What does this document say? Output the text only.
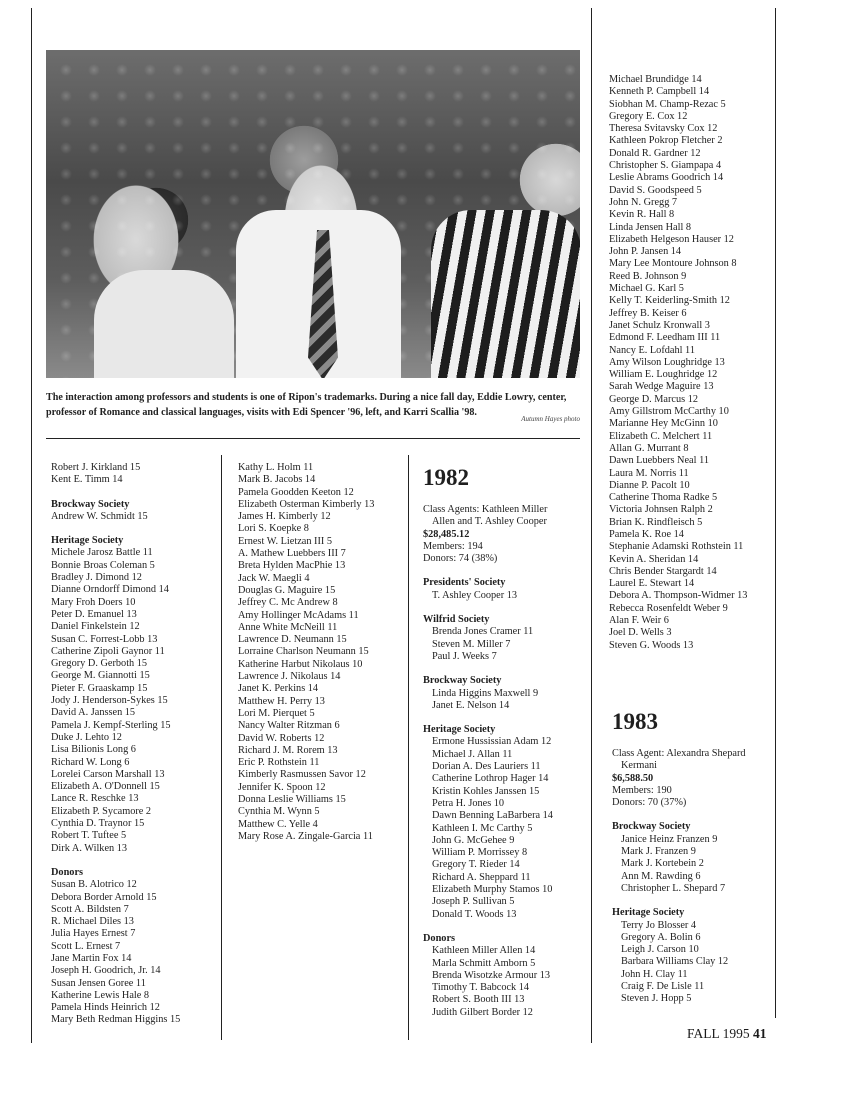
The interaction among professors and students is one of Ripon's trademarks. During a nice fall day, Eddie Lowry, center, professor of Romance and classical languages, visits with Edi Spencer '96, left, and Karri Scallia '98.
Autumn Hayes photo
Robert J. Kirkland 15
Kent E. Timm 14
Brockway Society
Andrew W. Schmidt 15
Heritage Society
Michele Jarosz Battle 11
Bonnie Broas Coleman 5
Bradley J. Dimond 12
Dianne Orndorff Dimond 14
Mary Froh Doers 10
Peter D. Emanuel 13
Daniel Finkelstein 12
Susan C. Forrest-Lobb 13
Catherine Zipoli Gaynor 11
Gregory D. Gerboth 15
George M. Giannotti 15
Pieter F. Graaskamp 15
Jody J. Henderson-Sykes 15
David A. Janssen 15
Pamela J. Kempf-Sterling 15
Duke J. Lehto 12
Lisa Bilionis Long 6
Richard W. Long 6
Lorelei Carson Marshall 13
Elizabeth A. O'Donnell 15
Lance R. Reschke 13
Elizabeth P. Sycamore 2
Cynthia D. Traynor 15
Robert T. Tuftee 5
Dirk A. Wilken 13
Donors
Susan B. Alotrico 12
Debora Border Arnold 15
Scott A. Bildsten 7
R. Michael Diles 13
Julia Hayes Ernest 7
Scott L. Ernest 7
Jane Martin Fox 14
Joseph H. Goodrich, Jr. 14
Susan Jensen Goree 11
Katherine Lewis Hale 8
Pamela Hinds Heinrich 12
Mary Beth Redman Higgins 15
Kathy L. Holm 11
Mark B. Jacobs 14
Pamela Goodden Keeton 12
Elizabeth Osterman Kimberly 13
James H. Kimberly 12
Lori S. Koepke 8
Ernest W. Lietzan III 5
A. Mathew Luebbers III 7
Breta Hylden MacPhie 13
Jack W. Maegli 4
Douglas G. Maguire 15
Jeffrey C. Mc Andrew 8
Amy Hollinger McAdams 11
Anne White McNeill 11
Lawrence D. Neumann 15
Lorraine Charlson Neumann 15
Katherine Harbut Nikolaus 10
Lawrence J. Nikolaus 14
Janet K. Perkins 14
Matthew H. Perry 13
Lori M. Pierquet 5
Nancy Walter Ritzman 6
David W. Roberts 12
Richard J. M. Rorem 13
Eric P. Rothstein 11
Kimberly Rasmussen Savor 12
Jennifer K. Spoon 12
Donna Leslie Williams 15
Cynthia M. Wynn 5
Matthew C. Yelle 4
Mary Rose A. Zingale-Garcia 11
1982
Class Agents: Kathleen Miller
Allen and T. Ashley Cooper
$28,485.12
Members: 194
Donors: 74 (38%)
Presidents' Society
T. Ashley Cooper 13
Wilfrid Society
Brenda Jones Cramer 11
Steven M. Miller 7
Paul J. Weeks 7
Brockway Society
Linda Higgins Maxwell 9
Janet E. Nelson 14
Heritage Society
Ermone Hussissian Adam 12
Michael J. Allan 11
Dorian A. Des Lauriers 11
Catherine Lothrop Hager 14
Kristin Kohles Janssen 15
Petra H. Jones 10
Dawn Benning LaBarbera 14
Kathleen I. Mc Carthy 5
John G. McGehee 9
William P. Morrissey 8
Gregory T. Rieder 14
Richard A. Sheppard 11
Elizabeth Murphy Stamos 10
Joseph P. Sullivan 5
Donald T. Woods 13
Donors
Kathleen Miller Allen 14
Marla Schmitt Amborn 5
Brenda Wisotzke Armour 13
Timothy T. Babcock 14
Robert S. Booth III 13
Judith Gilbert Border 12
Michael Brundidge 14
Kenneth P. Campbell 14
Siobhan M. Champ-Rezac 5
Gregory E. Cox 12
Theresa Svitavsky Cox 12
Kathleen Pokrop Fletcher 2
Donald R. Gardner 12
Christopher S. Giampapa 4
Leslie Abrams Goodrich 14
David S. Goodspeed 5
John N. Gregg 7
Kevin R. Hall 8
Linda Jensen Hall 8
Elizabeth Helgeson Hauser 12
John P. Jansen 14
Mary Lee Montoure Johnson 8
Reed B. Johnson 9
Michael G. Karl 5
Kelly T. Keiderling-Smith 12
Jeffrey B. Keiser 6
Janet Schulz Kronwall 3
Edmond F. Leedham III 11
Nancy E. Lofdahl 11
Amy Wilson Loughridge 13
William E. Loughridge 12
Sarah Wedge Maguire 13
George D. Marcus 12
Amy Gillstrom McCarthy 10
Marianne Hey McGinn 10
Elizabeth C. Melchert 11
Allan G. Murrant 8
Dawn Luebbers Neal 11
Laura M. Norris 11
Dianne P. Pacolt 10
Catherine Thoma Radke 5
Victoria Johnsen Ralph 2
Brian K. Rindfleisch 5
Pamela K. Roe 14
Stephanie Adamski Rothstein 11
Kevin A. Sheridan 14
Chris Bender Stargardt 14
Laurel E. Stewart 14
Debora A. Thompson-Widmer 13
Rebecca Rosenfeldt Weber 9
Alan F. Weir 6
Joel D. Wells 3
Steven G. Woods 13
1983
Class Agent: Alexandra Shepard
Kermani
$6,588.50
Members: 190
Donors: 70 (37%)
Brockway Society
Janice Heinz Franzen 9
Mark J. Franzen 9
Mark J. Kortebein 2
Ann M. Rawding 6
Christopher L. Shepard 7
Heritage Society
Terry Jo Blosser 4
Gregory A. Bolin 6
Leigh J. Carson 10
Barbara Williams Clay 12
John H. Clay 11
Craig F. De Lisle 11
Steven J. Hopp 5
FALL 1995 41
